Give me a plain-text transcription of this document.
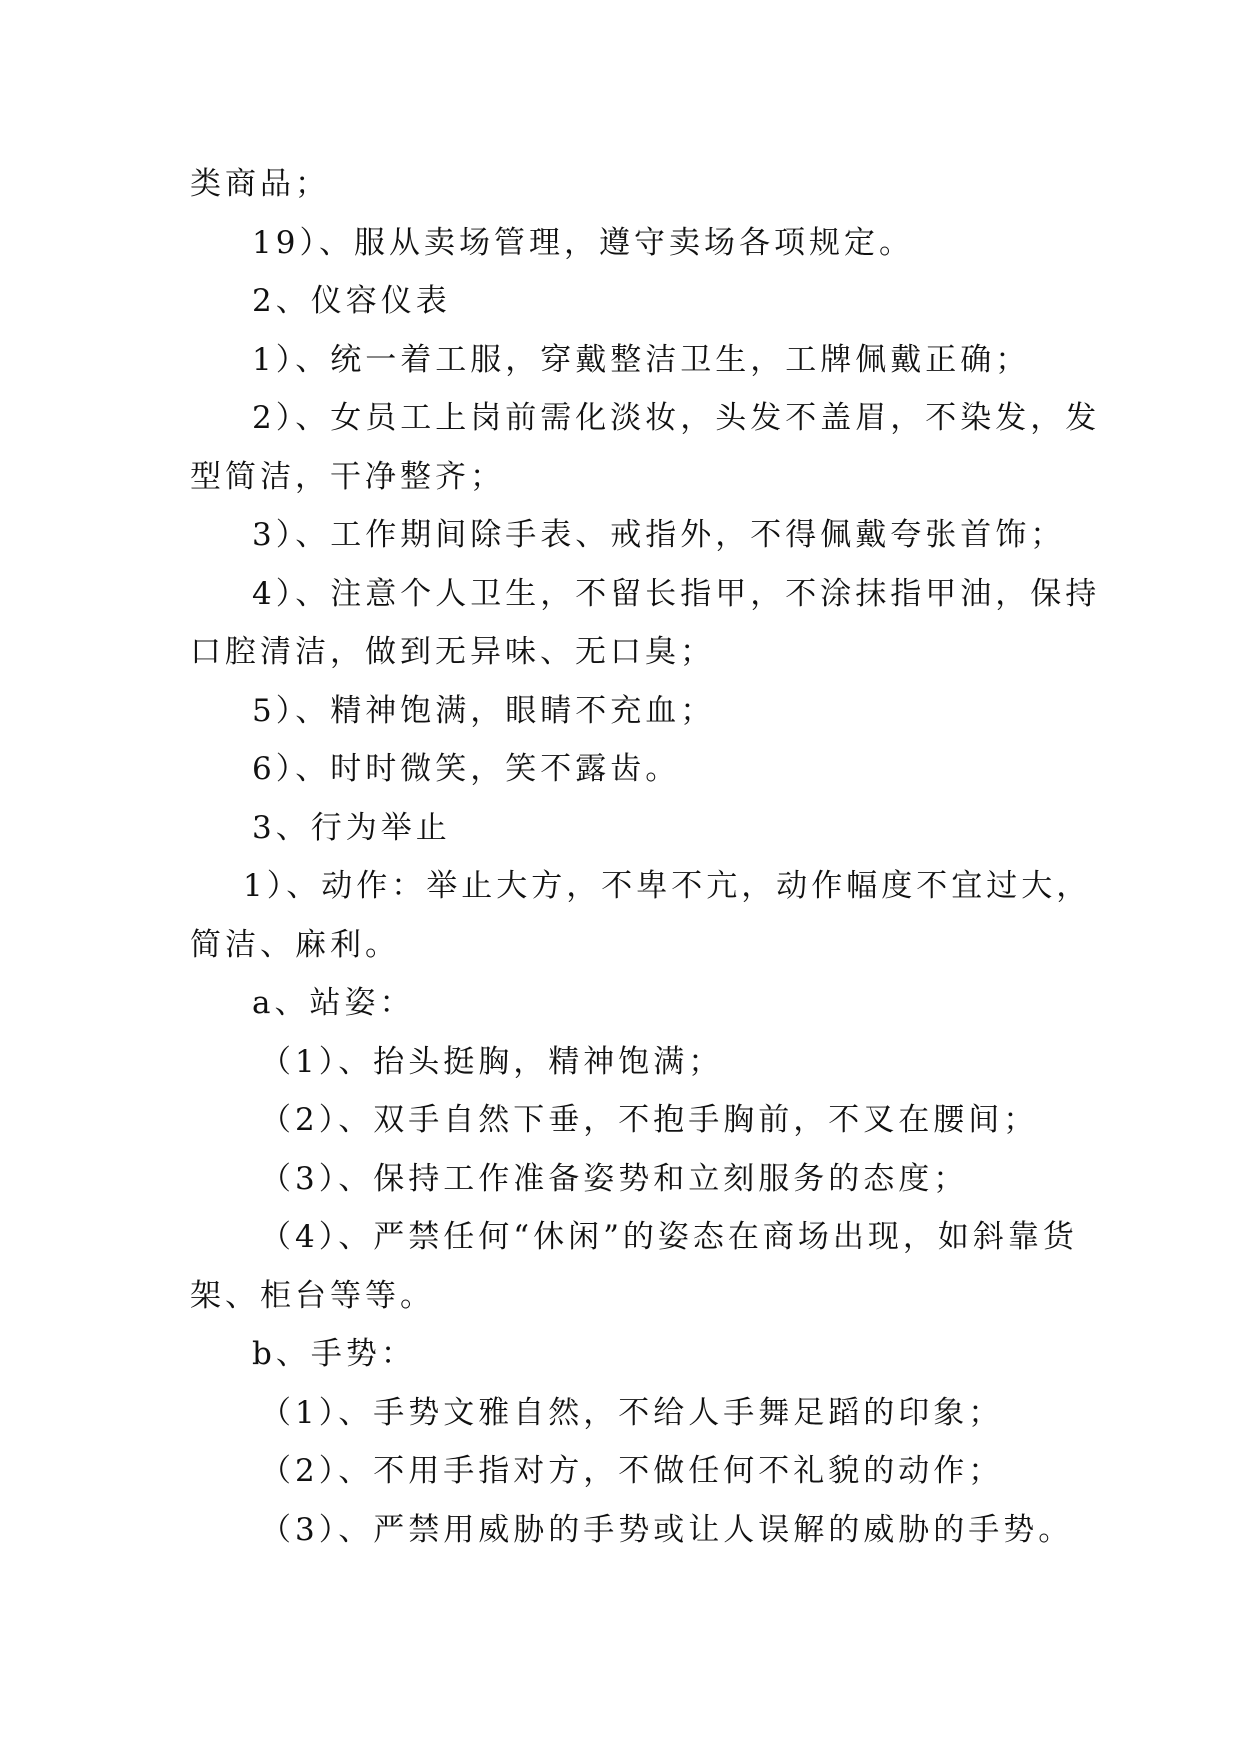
类商品；
19）、服从卖场管理，遵守卖场各项规定。
2、仪容仪表
1）、统一着工服，穿戴整洁卫生，工牌佩戴正确；
2）、女员工上岗前需化淡妆，头发不盖眉，不染发，发
型简洁，干净整齐；
3）、工作期间除手表、戒指外，不得佩戴夸张首饰；
4）、注意个人卫生，不留长指甲，不涂抹指甲油，保持
口腔清洁，做到无异味、无口臭；
5）、精神饱满，眼睛不充血；
6）、时时微笑，笑不露齿。
3、行为举止
1）、动作：举止大方，不卑不亢，动作幅度不宜过大，
简洁、麻利。
a、站姿：
（1）、抬头挺胸，精神饱满；
（2）、双手自然下垂，不抱手胸前，不叉在腰间；
（3）、保持工作准备姿势和立刻服务的态度；
（4）、严禁任何“休闲”的姿态在商场出现，如斜靠货
架、柜台等等。
b、手势：
（1）、手势文雅自然，不给人手舞足蹈的印象；
（2）、不用手指对方，不做任何不礼貌的动作；
（3）、严禁用威胁的手势或让人误解的威胁的手势。
